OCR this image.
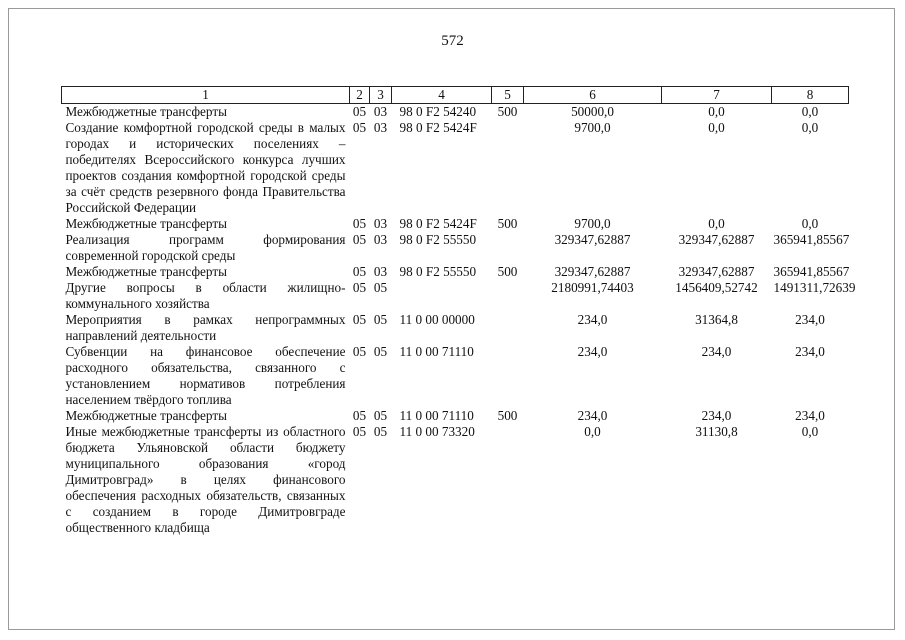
572
1	2	3	4	5	6	7	8
Межбюджетные трансферты	05	03	98 0 F2 54240	500	50000,0	0,0	0,0
Создание комфортной городской среды в малых городах и исторических поселениях – победителях Всероссийского конкурса лучших проектов создания комфортной городской среды за счёт средств резервного фонда Правительства Российской Федерации	05	03	98 0 F2 5424F		9700,0	0,0	0,0
Межбюджетные трансферты	05	03	98 0 F2 5424F	500	9700,0	0,0	0,0
Реализация программ формирования современной городской среды	05	03	98 0 F2 55550		329347,62887	329347,62887	365941,85567
Межбюджетные трансферты	05	03	98 0 F2 55550	500	329347,62887	329347,62887	365941,85567
Другие вопросы в области жилищно-коммунального хозяйства	05	05			2180991,74403	1456409,52742	1491311,72639
Мероприятия в рамках непрограммных направлений деятельности	05	05	11 0 00 00000		234,0	31364,8	234,0
Субвенции на финансовое обеспечение расходного обязательства, связанного с установлением нормативов потребления населением твёрдого топлива	05	05	11 0 00 71110		234,0	234,0	234,0
Межбюджетные трансферты	05	05	11 0 00 71110	500	234,0	234,0	234,0
Иные межбюджетные трансферты из областного бюджета Ульяновской области бюджету муниципального образования «город Димитровград» в целях финансового обеспечения расходных обязательств, связанных с созданием в городе Димитровграде общественного кладбища	05	05	11 0 00 73320		0,0	31130,8	0,0
